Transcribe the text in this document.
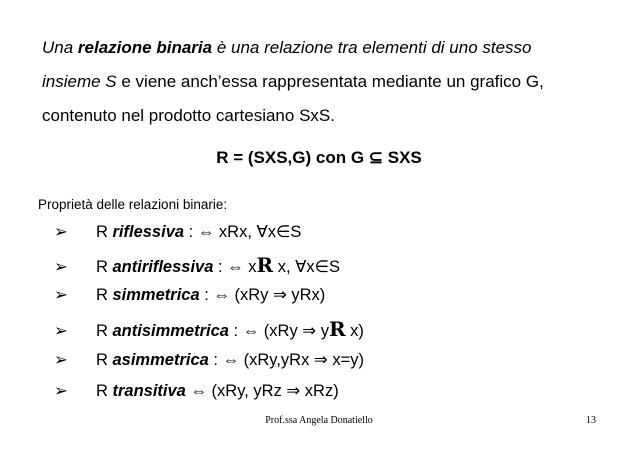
Una relazione binaria è una relazione tra elementi di uno stesso
insieme S e viene anch’essa rappresentata mediante un grafico G,
contenuto nel prodotto cartesiano SxS.
R = (SXS,G) con G ⊆ SXS
Proprietà delle relazioni binarie:
➢ R riflessiva : ⇔ xRx, ∀x∈S
➢ R antiriflessiva : ⇔ xR x, ∀x∈S
➢ R simmetrica : ⇔ (xRy ⇒ yRx)
➢ R antisimmetrica : ⇔ (xRy ⇒ yR x)
➢ R asimmetrica : ⇔ (xRy,yRx ⇒ x=y)
➢ R transitiva ⇔ (xRy, yRz ⇒ xRz)
Prof.ssa Angela Donatiello	13
